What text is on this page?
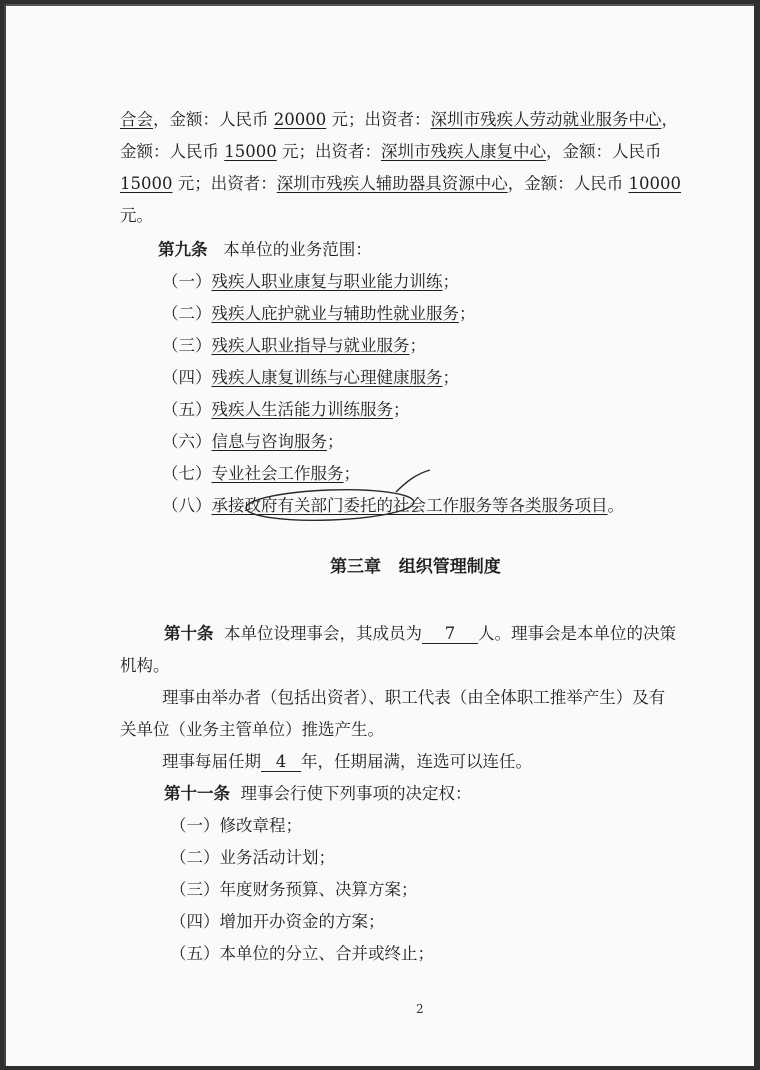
合会，金额：人民币 20000 元；出资者：深圳市残疾人劳动就业服务中心，
金额：人民币 15000 元；出资者：深圳市残疾人康复中心，金额：人民币
15000 元；出资者：深圳市残疾人辅助器具资源中心，金额：人民币 10000
元。
第九条 本单位的业务范围：
（一）残疾人职业康复与职业能力训练；
（二）残疾人庇护就业与辅助性就业服务；
（三）残疾人职业指导与就业服务；
（四）残疾人康复训练与心理健康服务；
（五）残疾人生活能力训练服务；
（六）信息与咨询服务；
（七）专业社会工作服务；
（八）承接政府有关部门委托的社会工作服务等各类服务项目。
第三章 组织管理制度
第十条 本单位设理事会，其成员为 7 人。理事会是本单位的决策
机构。
理事由举办者（包括出资者）、职工代表（由全体职工推举产生）及有
关单位（业务主管单位）推选产生。
理事每届任期 4 年，任期届满，连选可以连任。
第十一条 理事会行使下列事项的决定权：
（一）修改章程；
（二）业务活动计划；
（三）年度财务预算、决算方案；
（四）增加开办资金的方案；
（五）本单位的分立、合并或终止；
2
